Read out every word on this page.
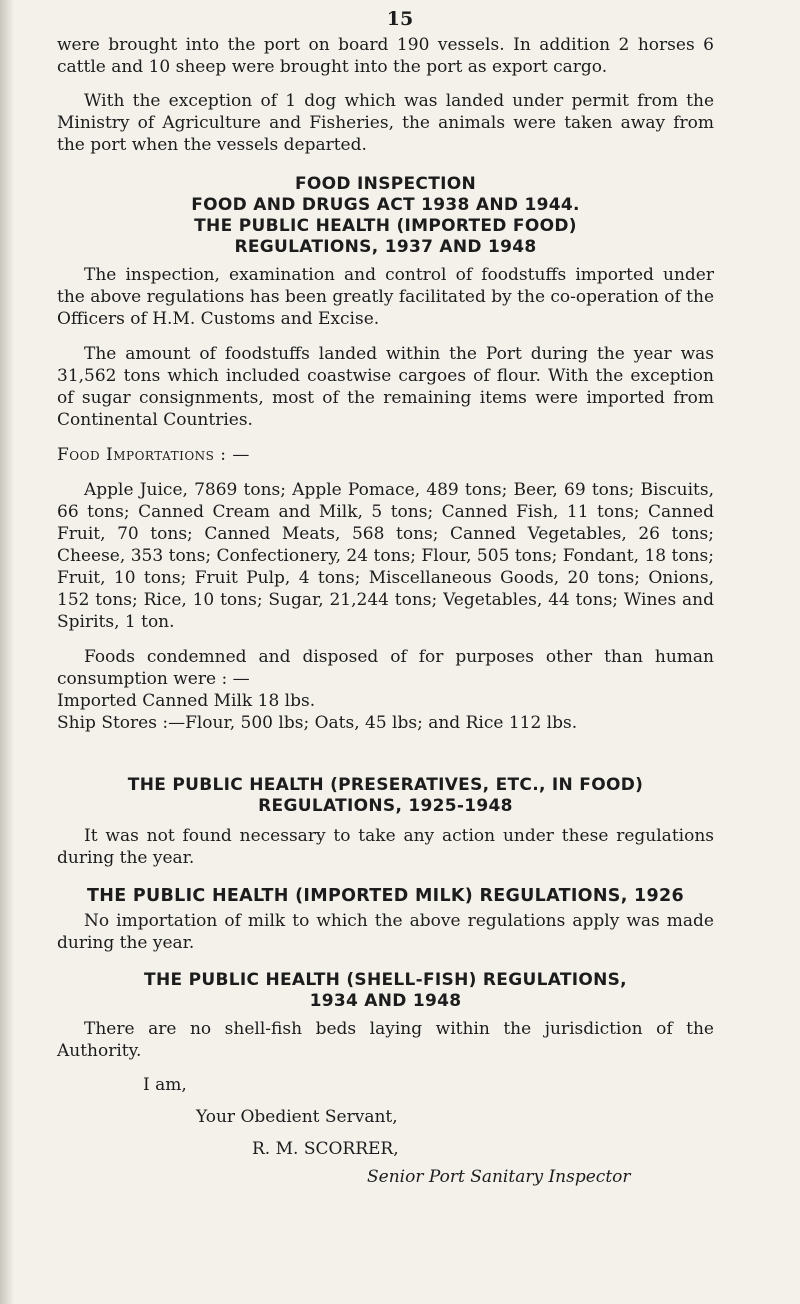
15

were brought into the port on board 190 vessels. In addition 2 horses 6 cattle and 10 sheep were brought into the port as export cargo.

With the exception of 1 dog which was landed under permit from the Ministry of Agriculture and Fisheries, the animals were taken away from the port when the vessels departed.

FOOD INSPECTION
FOOD AND DRUGS ACT 1938 AND 1944.
THE PUBLIC HEALTH (IMPORTED FOOD)
REGULATIONS, 1937 AND 1948

The inspection, examination and control of foodstuffs imported under the above regulations has been greatly facilitated by the co-operation of the Officers of H.M. Customs and Excise.

The amount of foodstuffs landed within the Port during the year was 31,562 tons which included coastwise cargoes of flour. With the exception of sugar consignments, most of the remaining items were imported from Continental Countries.

Food Importations : —

Apple Juice, 7869 tons; Apple Pomace, 489 tons; Beer, 69 tons; Biscuits, 66 tons; Canned Cream and Milk, 5 tons; Canned Fish, 11 tons; Canned Fruit, 70 tons; Canned Meats, 568 tons; Canned Vegetables, 26 tons; Cheese, 353 tons; Confectionery, 24 tons; Flour, 505 tons; Fondant, 18 tons; Fruit, 10 tons; Fruit Pulp, 4 tons; Miscellaneous Goods, 20 tons; Onions, 152 tons; Rice, 10 tons; Sugar, 21,244 tons; Vegetables, 44 tons; Wines and Spirits, 1 ton.

Foods condemned and disposed of for purposes other than human consumption were : —

Imported Canned Milk 18 lbs.

Ship Stores :—Flour, 500 lbs; Oats, 45 lbs; and Rice 112 lbs.

THE PUBLIC HEALTH (PRESERATIVES, ETC., IN FOOD)
REGULATIONS, 1925-1948

It was not found necessary to take any action under these regulations during the year.

THE PUBLIC HEALTH (IMPORTED MILK) REGULATIONS, 1926

No importation of milk to which the above regulations apply was made during the year.

THE PUBLIC HEALTH (SHELL-FISH) REGULATIONS,
1934 AND 1948

There are no shell-fish beds laying within the jurisdiction of the Authority.

I am,
Your Obedient Servant,
R. M. SCORRER,
Senior Port Sanitary Inspector
